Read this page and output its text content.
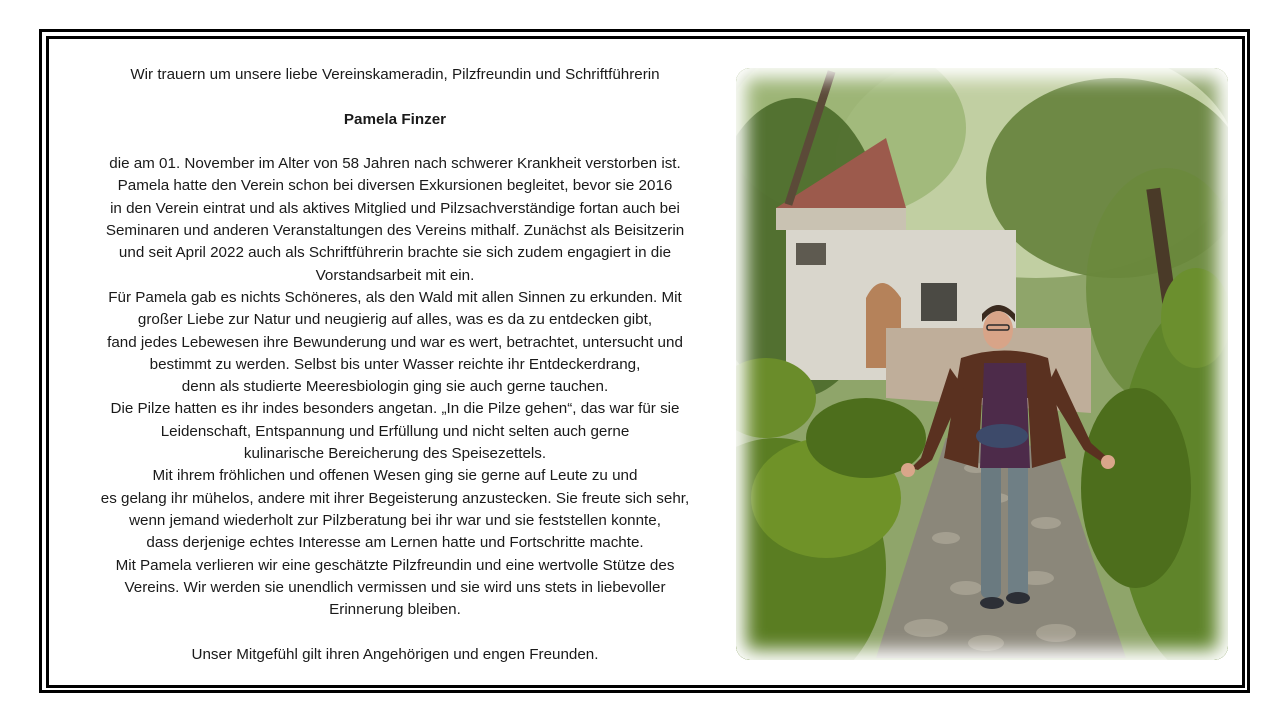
Wir trauern um unsere liebe Vereinskameradin, Pilzfreundin und Schriftführerin

Pamela Finzer

die am 01. November im Alter von 58 Jahren nach schwerer Krankheit verstorben ist.

Pamela hatte den Verein schon bei diversen Exkursionen begleitet, bevor sie 2016

in den Verein eintrat und als aktives Mitglied und Pilzsachverständige fortan auch bei

Seminaren und anderen Veranstaltungen des Vereins mithalf. Zunächst als Beisitzerin

und seit April 2022 auch als Schriftführerin brachte sie sich zudem engagiert in die

Vorstandsarbeit mit ein.

Für Pamela gab es nichts Schöneres, als den Wald mit allen Sinnen zu erkunden. Mit

großer Liebe zur Natur und neugierig auf alles, was es da zu entdecken gibt,

fand jedes Lebewesen ihre Bewunderung und war es wert, betrachtet, untersucht und

bestimmt zu werden. Selbst bis unter Wasser reichte ihr Entdeckerdrang,

denn als studierte Meeresbiologin ging sie auch gerne tauchen.

Die Pilze hatten es ihr indes besonders angetan. „In die Pilze gehen“, das war für sie

Leidenschaft, Entspannung und Erfüllung und nicht selten auch gerne

kulinarische Bereicherung des Speisezettels.

Mit ihrem fröhlichen und offenen Wesen ging sie gerne auf Leute zu und

es gelang ihr mühelos, andere mit ihrer Begeisterung anzustecken. Sie freute sich sehr,

wenn jemand wiederholt zur Pilzberatung bei ihr war und sie feststellen konnte,

dass derjenige echtes Interesse am Lernen hatte und Fortschritte machte.

Mit Pamela verlieren wir eine geschätzte Pilzfreundin und eine wertvolle Stütze des

Vereins. Wir werden sie unendlich vermissen und sie wird uns stets in liebevoller

Erinnerung bleiben.

Unser Mitgefühl gilt ihren Angehörigen und engen Freunden.
